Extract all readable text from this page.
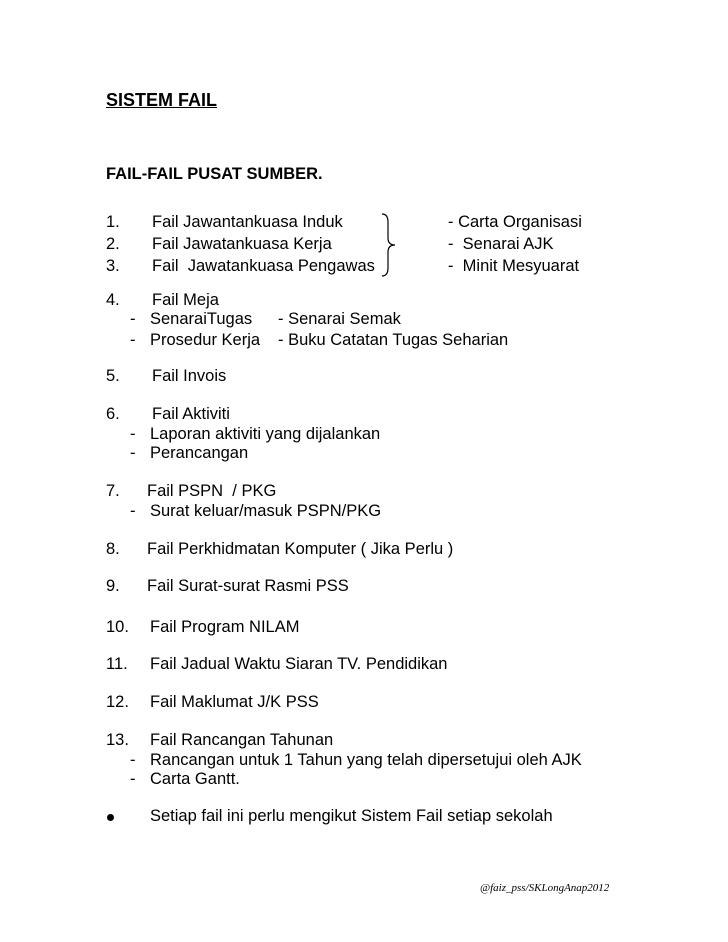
SISTEM FAIL
FAIL-FAIL PUSAT SUMBER.
1. Fail Jawantankuasa Induk	- Carta Organisasi
2. Fail Jawatankuasa Kerja	-  Senarai AJK
3. Fail  Jawatankuasa Pengawas	-  Minit Mesyuarat
4. Fail Meja
- SenaraiTugas - Senarai Semak
- Prosedur Kerja - Buku Catatan Tugas Seharian
5. Fail Invois
6. Fail Aktiviti
- Laporan aktiviti yang dijalankan
- Perancangan
7. Fail PSPN  / PKG
- Surat keluar/masuk PSPN/PKG
8. Fail Perkhidmatan Komputer ( Jika Perlu )
9. Fail Surat-surat Rasmi PSS
10. Fail Program NILAM
11. Fail Jadual Waktu Siaran TV. Pendidikan
12. Fail Maklumat J/K PSS
13. Fail Rancangan Tahunan
- Rancangan untuk 1 Tahun yang telah dipersetujui oleh AJK
- Carta Gantt.
Setiap fail ini perlu mengikut Sistem Fail setiap sekolah
@faiz_pss/SKLongAnap2012
